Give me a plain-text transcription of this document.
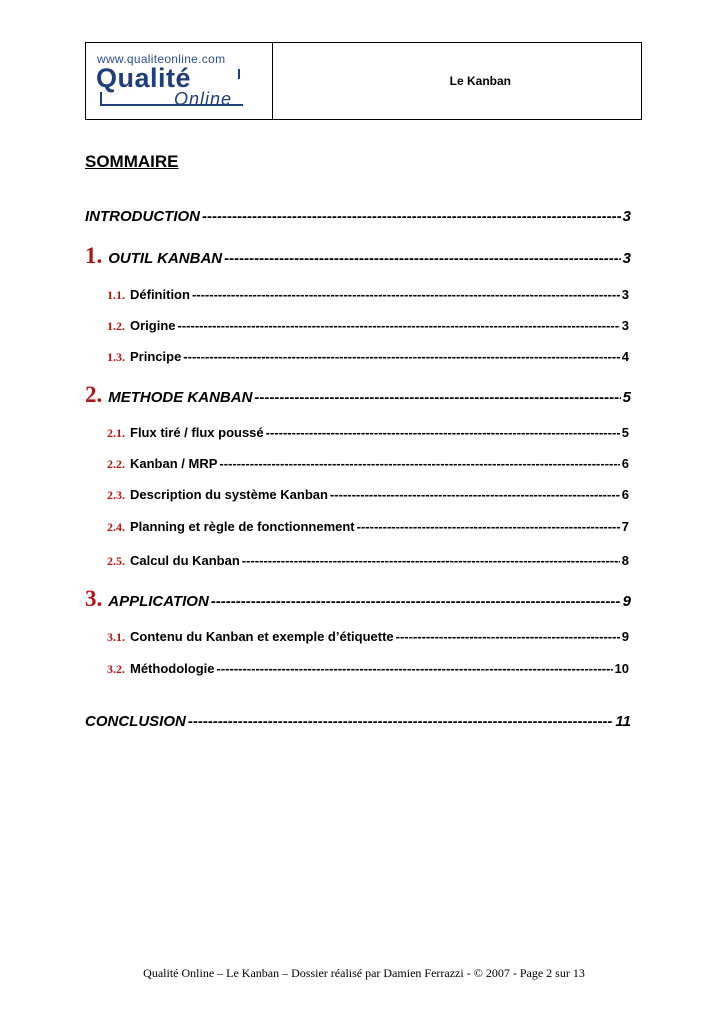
www.qualiteonline.com
Qualité
Online
Le Kanban
SOMMAIRE
INTRODUCTION -----	3
1. OUTIL KANBAN -----	3
1.1. Définition -----	3
1.2. Origine -----	3
1.3. Principe -----	4
2. METHODE KANBAN -----	5
2.1. Flux tiré / flux poussé -----	5
2.2. Kanban / MRP -----	6
2.3. Description du système Kanban -----	6
2.4. Planning et règle de fonctionnement -----	7
2.5. Calcul du Kanban -----	8
3. APPLICATION -----	9
3.1. Contenu du Kanban et exemple d’étiquette -----	9
3.2. Méthodologie -----	10
CONCLUSION -----	11
Qualité Online – Le Kanban – Dossier réalisé par Damien Ferrazzi - © 2007 - Page 2 sur 13
